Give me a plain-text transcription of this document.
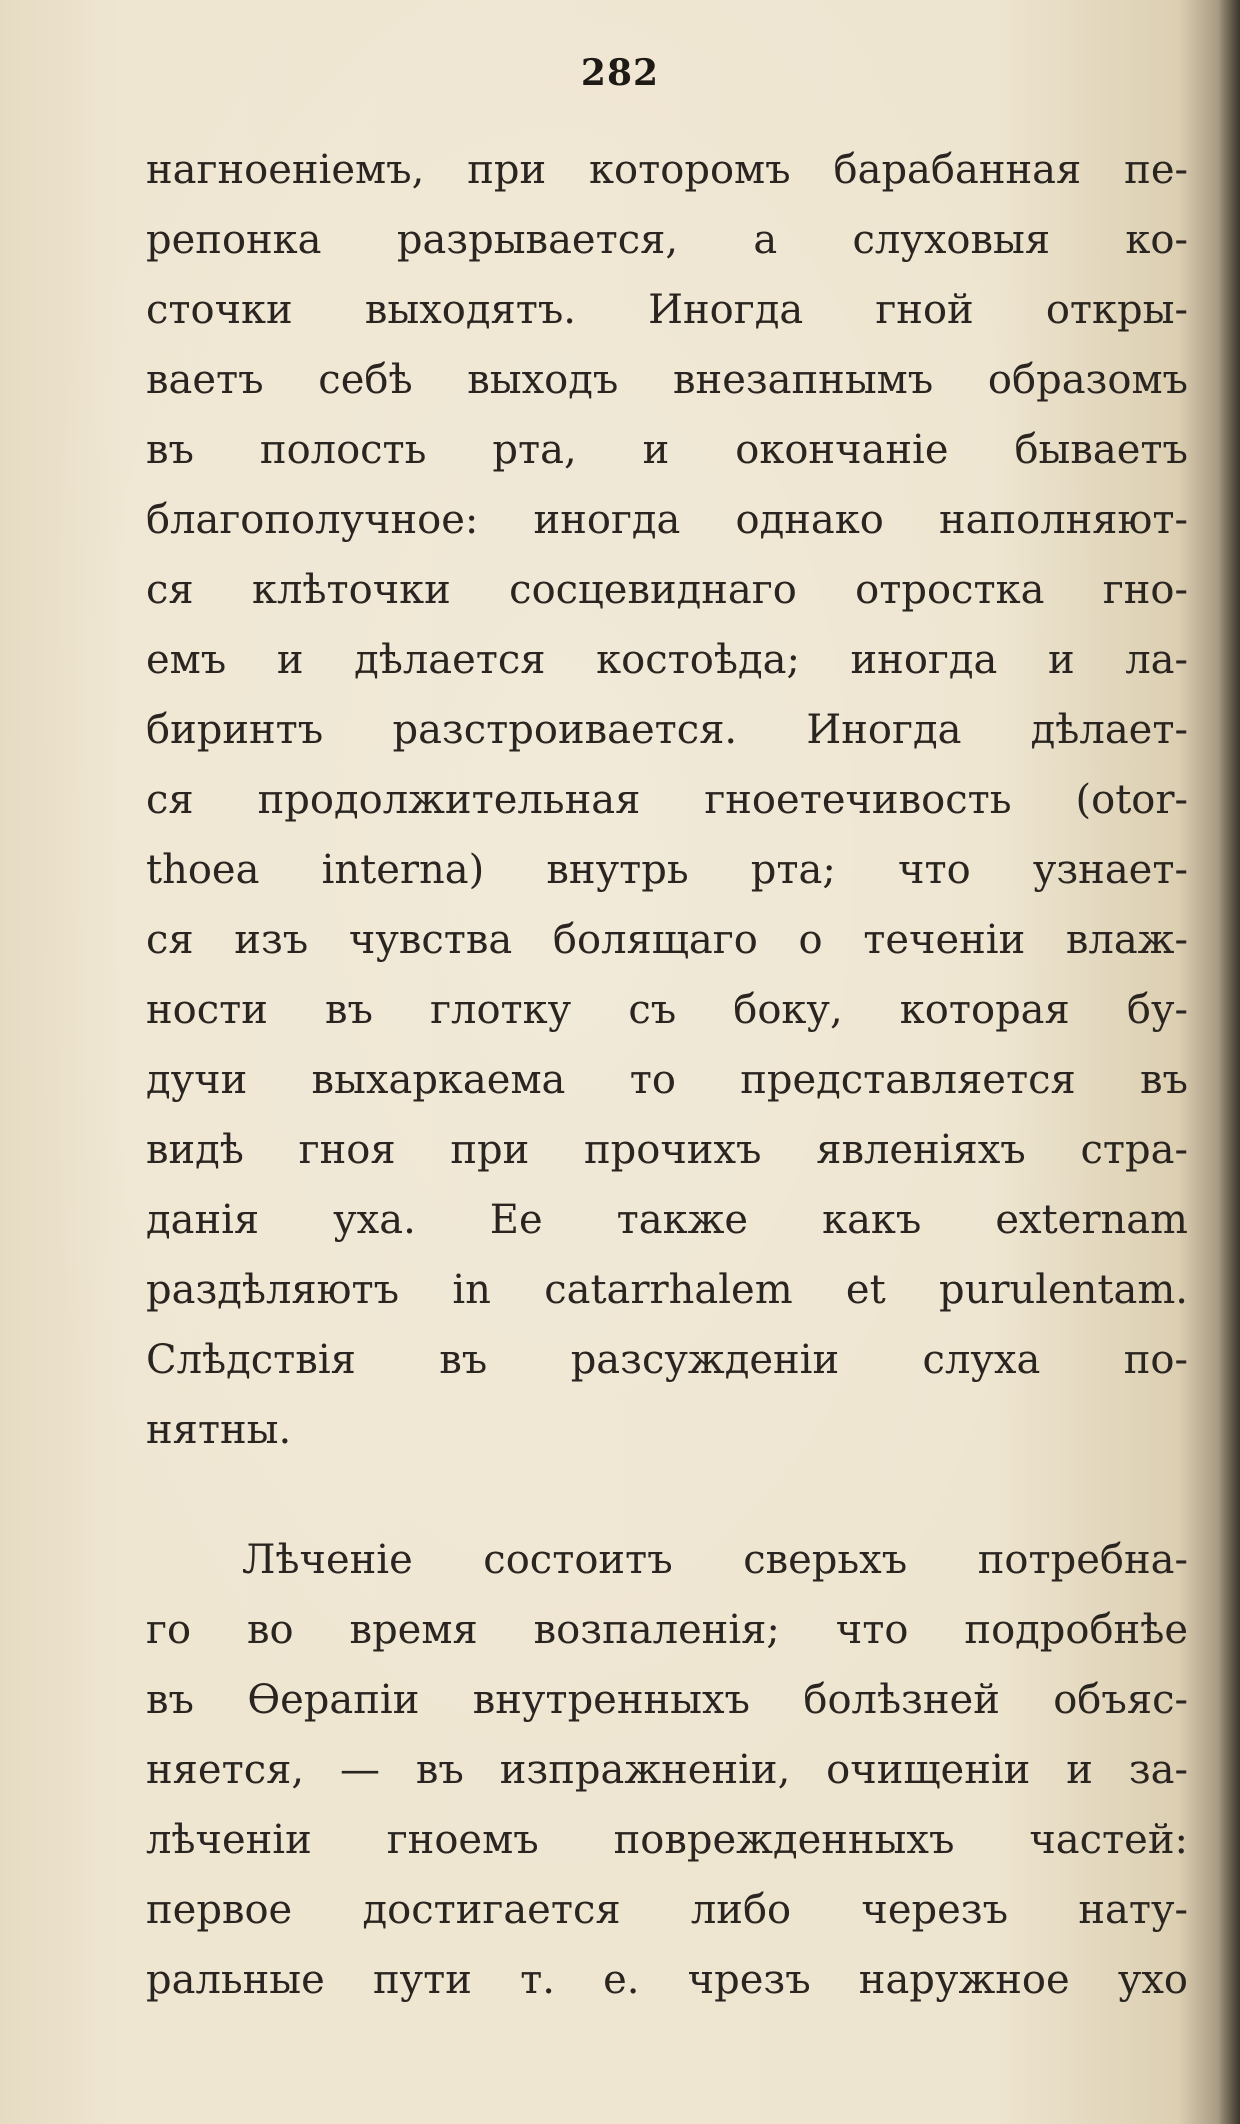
282
нагноеніемъ, при которомъ барабанная пе-
репонка разрывается, а слуховыя ко-
сточки выходятъ. Иногда гной откры-
ваетъ себѣ выходъ внезапнымъ образомъ
въ полость рта, и окончаніе бываетъ
благополучное: иногда однако наполняют-
ся клѣточки сосцевиднаго отростка гно-
емъ и дѣлается костоѣда; иногда и ла-
биринтъ разстроивается. Иногда дѣлает-
ся продолжительная гноетечивость (otor-
thoea interna) внутрь рта; что узнает-
ся изъ чувства болящаго о теченіи влаж-
ности въ глотку съ боку, которая бу-
дучи выхаркаема то представляется въ
видѣ гноя при прочихъ явленіяхъ стра-
данія уха. Ее также какъ externam
раздѣляютъ in catarrhalem et purulentam.
Слѣдствія въ разсужденіи слуха по-
нятны.
Лѣченіе состоитъ сверьхъ потребна-
го во время возпаленія; что подробнѣе
въ Ѳерапіи внутренныхъ болѣзней объяс-
няется, — въ изпражненіи, очищеніи и за-
лѣченіи гноемъ поврежденныхъ частей:
первое достигается либо черезъ нату-
ральные пути т. е. чрезъ наружное ухо
